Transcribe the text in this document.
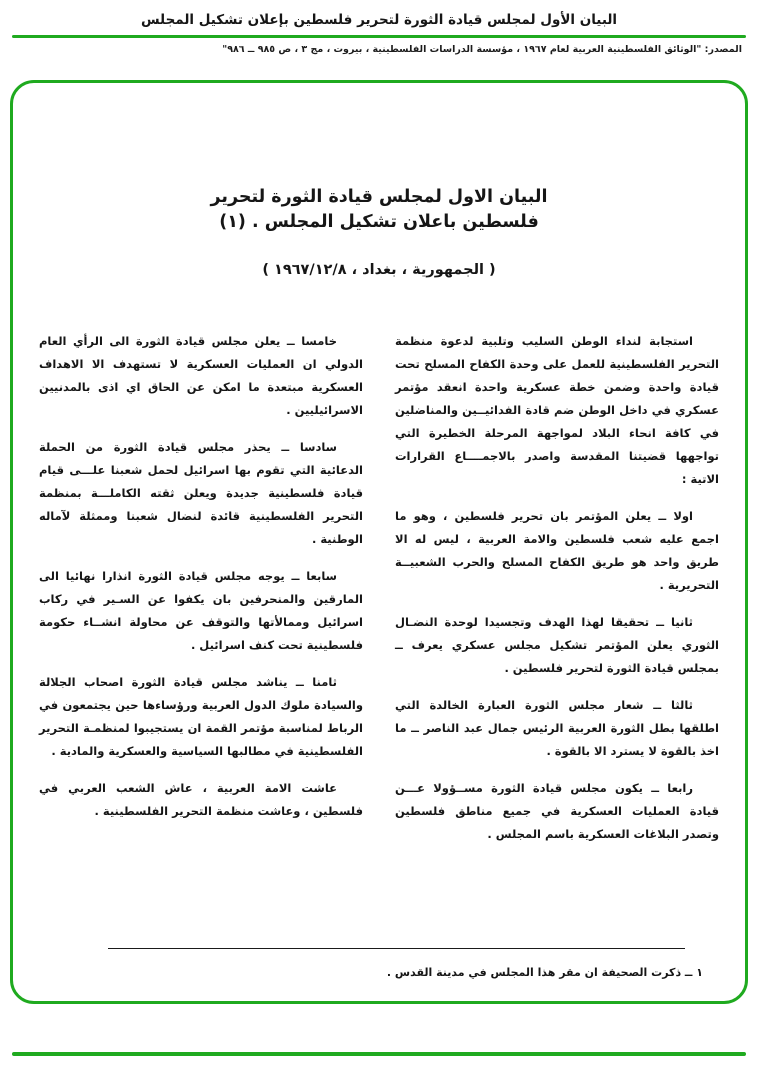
البيان الأول لمجلس قيادة الثورة لتحرير فلسطين بإعلان تشكيل المجلس
المصدر: "الوثائق الفلسطينية العربية لعام ١٩٦٧ ، مؤسسة الدراسات الفلسطينية ، بيروت ، مج ٣ ، ص ٩٨٥ ــ ٩٨٦"
البيان الاول لمجلس قيادة الثورة لتحرير
فلسطين باعلان تشكيل المجلس . (١)
( الجمهورية ، بغداد ، ١٩٦٧/١٢/٨ )

استجابة لنداء الوطن السليب وتلبية لدعوة منظمة التحرير الفلسطينية للعمل على وحدة الكفاح المسلح تحت قيادة واحدة وضمن خطة عسكرية واحدة انعقد مؤتمر عسكري في داخل الوطن ضم قادة الفدائيــين والمناضلين في كافة انحاء البلاد لمواجهة المرحلة الخطيرة التي تواجهها قضيتنا المقدسة واصدر بالاجمــــاع القرارات الاتية :

اولا ــ يعلن المؤتمر بان تحرير فلسطين ، وهو ما اجمع عليه شعب فلسطين والامة العربية ، ليس له الا طريق واحد هو طريق الكفاح المسلح والحرب الشعبيــة التحريرية .

ثانيا ــ تحقيقا لهذا الهدف وتجسيدا لوحدة النضـال الثوري يعلن المؤتمر تشكيل مجلس عسكري يعرف ــ بمجلس قيادة الثورة لتحرير فلسطين .

ثالثا ــ شعار مجلس الثورة العبارة الخالدة التي اطلقها بطل الثورة العربية الرئيس جمال عبد الناصر ــ ما اخذ بالقوة لا يسترد الا بالقوة .

رابعا ــ يكون مجلس قيادة الثورة مســؤولا عـــن قيادة العمليات العسكرية في جميع مناطق فلسطين وتصدر البلاغات العسكرية باسم المجلس .

خامسا ــ يعلن مجلس قيادة الثورة الى الرأي العام الدولي ان العمليات العسكرية لا تستهدف الا الاهداف العسكرية مبتعدة ما امكن عن الحاق اي اذى بالمدنيين الاسرائيليين .

سادسا ــ يحذر مجلس قيادة الثورة من الحملة الدعائية التي تقوم بها اسرائيل لحمل شعبنا علـــى قيام قيادة فلسطينية جديدة ويعلن ثقته الكاملـــة بمنظمة التحرير الفلسطينية قائدة لنضال شعبنا وممثلة لآماله الوطنية .

سابعا ــ يوجه مجلس قيادة الثورة انذارا نهائيا الى المارقين والمنحرفين بان يكفوا عن السـير في ركاب اسرائيل وممالأتها والتوقف عن محاولة انشــاء حكومة فلسطينية تحت كنف اسرائيل .

ثامنا ــ يناشد مجلس قيادة الثورة اصحاب الجلالة والسيادة ملوك الدول العربية ورؤساءها حين يجتمعون في الرباط لمناسبة مؤتمر القمة ان يستجيبوا لمنظمـة التحرير الفلسطينية في مطالبها السياسية والعسكرية والمادية .

عاشت الامة العربية ، عاش الشعب العربي في فلسطين ، وعاشت منظمة التحرير الفلسطينية .

١ ــ ذكرت الصحيفة ان مقر هذا المجلس في مدينة القدس .
